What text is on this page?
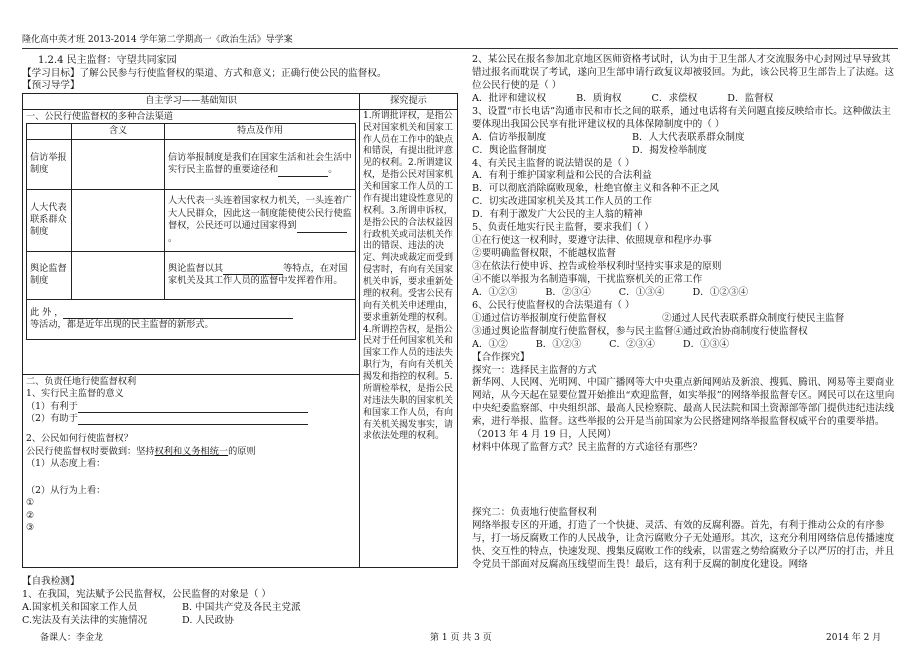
隆化高中英才班 2013-2014 学年第二学期高一《政治生活》导学案

1.2.4 民主监督：守望共同家园

【学习目标】了解公民参与行使监督权的渠道、方式和意义；正确行使公民的监督权。

【预习导学】

自主学习——基础知识	探究提示

一、公民行使监督权的多种合法渠道
	含义	特点及作用
信访举报制度		信访举报制度是我们在国家生活和社会生活中实行民主监督的重要途径和	。
人大代表联系群众制度		人大代表一头连着国家权力机关，一头连着广大人民群众，因此这一制度能使使公民行使监督权，公民还可以通过国家得到。
舆论监督制度		舆论监督以其	等特点，在对国家机关及其工作人员的监督中发挥着作用。
此 外 ，
等活动，都是近年出现的民主监督的新形式。
	1.所谓批评权，是指公民对国家机关和国家工作人员在工作中的缺点和错误，有提出批评意见的权利。2.所谓建议权，是指公民对国家机关和国家工作人员的工作有提出建设性意见的权利。3.所谓申诉权，是指公民的合法权益因行政机关或司法机关作出的错误、违法的决定、判决或裁定而受到侵害时，有向有关国家机关申诉，要求重新处理的权利。受害公民有向有关机关申述理由，要求重新处理的权利。4.所谓控告权，是指公民对于任何国家机关和国家工作人员的违法失职行为，有向有关机关揭发和指控的权利。5.所谓检举权，是指公民对违法失职的国家机关和国家工作人员，有向有关机关揭发事实，请求依法处理的权利。

二、负责任地行使监督权利
1、实行民主监督的意义
（1）有利于
（2）有助于
2、公民如何行使监督权？
公民行使监督权时要做到：坚持权利和义务相统一的原则
（1）从态度上看：
（2）从行为上看：
①
②
③

【自我检测】

1、在我国，宪法赋予公民监督权，公民监督的对象是（ ）

A.国家机关和国家工作人员	B. 中国共产党及各民主党派
C.宪法及有关法律的实施情况	D. 人民政协

2、某公民在报名参加北京地区医师资格考试时，认为由于卫生部人才交流服务中心封网过早导致其错过报名而耽误了考试，遂向卫生部申请行政复议却被驳回。为此，该公民将卫生部告上了法庭。这位公民行使的是（ ）

A．批评和建议权	B．质询权	C．求偿权	D．监督权

3、设置“市长电话”沟通市民和市长之间的联系，通过电话将有关问题直接反映给市长。这种做法主要体现出我国公民享有批评建议权的具体保障制度中的（ ）

A．信访举报制度	B．人大代表联系群众制度
C．舆论监督制度	D．揭发检举制度

4、有关民主监督的说法错误的是（ ）

A．有利于维护国家利益和公民的合法利益
B．可以彻底消除腐败现象，杜绝官僚主义和各种不正之风
C．切实改进国家机关及其工作人员的工作
D．有利于激发广大公民的主人翁的精神

5、负责任地实行民主监督，要求我们（ ）

①在行使这一权利时，要遵守法律、依照规章和程序办事
②要明确监督权限，不能越权监督
③在依法行使申诉、控告或检举权利时坚持实事求是的原则
④不能以举报为名制造事端，干扰监察机关的正常工作
A．①②③	B．②③④	C．①③④	D．①②③④

6、公民行使监督权的合法渠道有（ ）

①通过信访举报制度行使监督权	②通过人民代表联系群众制度行使民主监督
③通过舆论监督制度行使监督权，参与民主监督④通过政治协商制度行使监督权
A．①②	B．①②③	C．②③④	D．①③④

【合作探究】

探究一：选择民主监督的方式

新华网、人民网、光明网、中国广播网等大中央重点新闻网站及新浪、搜狐、腾讯、网易等主要商业网站，从今天起在显要位置开始推出“欢迎监督，如实举报”的网络举报监督专区。网民可以在这里向中央纪委监察部、中央组织部、最高人民检察院、最高人民法院和国土资源部等部门提供违纪违法线索，进行举报、监督。这些举报的公开是当前国家为公民搭建网络举报监督权威平台的重要举措。（2013 年 4 月 19 日，人民网）

材料中体现了监督方式？民主监督的方式途径有那些？

探究二：负责地行使监督权利

网络举报专区的开通，打造了一个快捷、灵活、有效的反腐利器。首先，有利于推动公众的有序参与，打一场反腐败工作的人民战争，让贪污腐败分子无处遁形。其次，这充分利用网络信息传播速度快、交互性的特点，快速发现、搜集反腐败工作的线索，以雷霆之势给腐败分子以严厉的打击，并且令党员干部面对反腐高压线望而生畏！最后，这有利于反腐的制度化建设。网络

备课人：李金龙	第 1 页 共 3 页	2014 年 2 月
